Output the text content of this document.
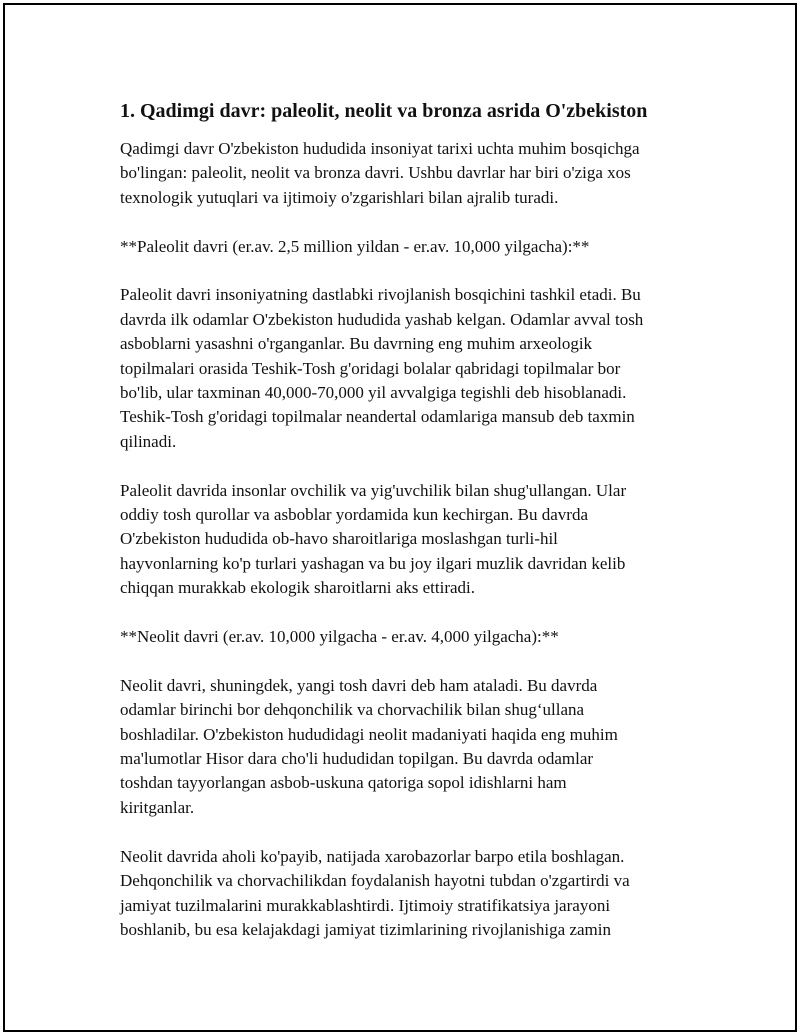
1. Qadimgi davr: paleolit, neolit va bronza asrida O'zbekiston

Qadimgi davr O'zbekiston hududida insoniyat tarixi uchta muhim bosqichga
bo'lingan: paleolit, neolit va bronza davri. Ushbu davrlar har biri o'ziga xos
texnologik yutuqlari va ijtimoiy o'zgarishlari bilan ajralib turadi.

**Paleolit davri (er.av. 2,5 million yildan - er.av. 10,000 yilgacha):**

Paleolit davri insoniyatning dastlabki rivojlanish bosqichini tashkil etadi. Bu
davrda ilk odamlar O'zbekiston hududida yashab kelgan. Odamlar avval tosh
asboblarni yasashni o'rganganlar. Bu davrning eng muhim arxeologik
topilmalari orasida Teshik-Tosh g'oridagi bolalar qabridagi topilmalar bor
bo'lib, ular taxminan 40,000-70,000 yil avvalgiga tegishli deb hisoblanadi.
Teshik-Tosh g'oridagi topilmalar neandertal odamlariga mansub deb taxmin
qilinadi.

Paleolit davrida insonlar ovchilik va yig'uvchilik bilan shug'ullangan. Ular
oddiy tosh qurollar va asboblar yordamida kun kechirgan. Bu davrda
O'zbekiston hududida ob-havo sharoitlariga moslashgan turli-hil
hayvonlarning ko'p turlari yashagan va bu joy ilgari muzlik davridan kelib
chiqqan murakkab ekologik sharoitlarni aks ettiradi.

**Neolit davri (er.av. 10,000 yilgacha - er.av. 4,000 yilgacha):**

Neolit davri, shuningdek, yangi tosh davri deb ham ataladi. Bu davrda
odamlar birinchi bor dehqonchilik va chorvachilik bilan shug‘ullana
boshladilar. O'zbekiston hududidagi neolit madaniyati haqida eng muhim
ma'lumotlar Hisor dara cho'li hududidan topilgan. Bu davrda odamlar
toshdan tayyorlangan asbob-uskuna qatoriga sopol idishlarni ham
kiritganlar.

Neolit davrida aholi ko'payib, natijada xarobazorlar barpo etila boshlagan.
Dehqonchilik va chorvachilikdan foydalanish hayotni tubdan o'zgartirdi va
jamiyat tuzilmalarini murakkablashtirdi. Ijtimoiy stratifikatsiya jarayoni
boshlanib, bu esa kelajakdagi jamiyat tizimlarining rivojlanishiga zamin
